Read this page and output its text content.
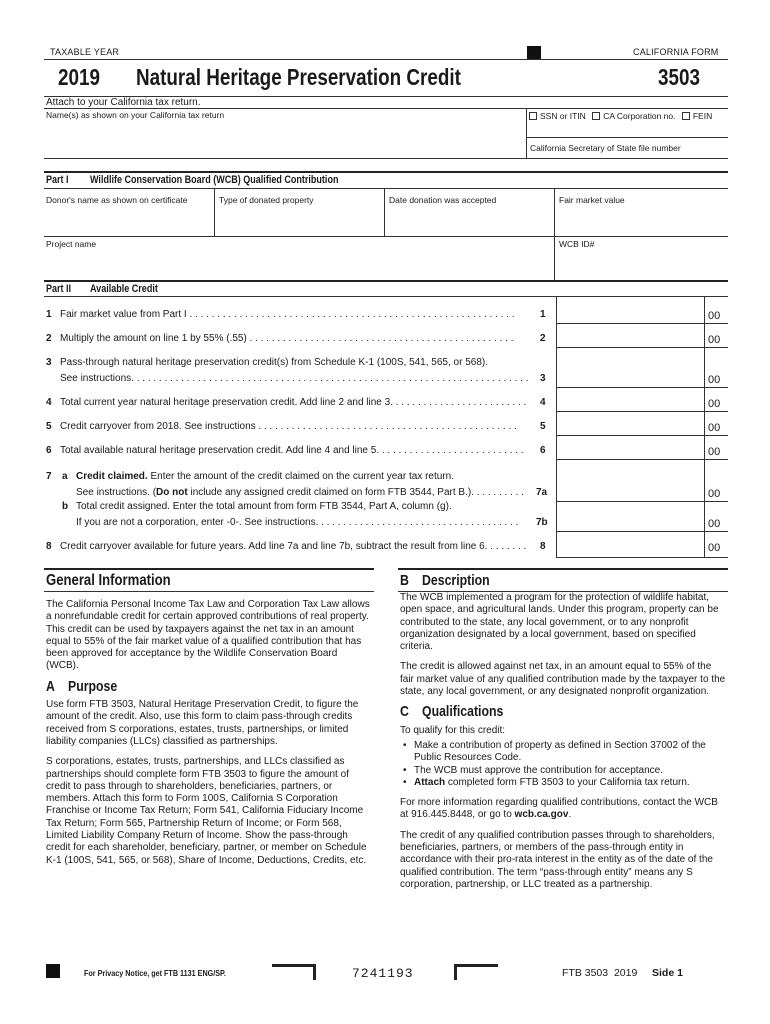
TAXABLE YEAR	CALIFORNIA FORM
2019 Natural Heritage Preservation Credit	3503
Attach to your California tax return.
Name(s) as shown on your California tax return	SSN or ITIN CA Corporation no. FEIN
California Secretary of State file number
Part I Wildlife Conservation Board (WCB) Qualified Contribution
Donor's name as shown on certificate	Type of donated property	Date donation was accepted	Fair market value
Project name	WCB ID#
Part II Available Credit
1 Fair market value from Part I . . . . . . . . . . . . . . . . . . . . . . . . . . . . . . . . . . . . . . . . . . . . . . . . . . . . . . . . . . .	1	00
2 Multiply the amount on line 1 by 55% (.55) . . . . . . . . . . . . . . . . . . . . . . . . . . . . . . . . . . . . . . . . . . . . . . . .	2	00
3 Pass-through natural heritage preservation credit(s) from Schedule K-1 (100S, 541, 565, or 568).
See instructions. . . . . . . . . . . . . . . . . . . . . . . . . . . . . . . . . . . . . . . . . . . . . . . . . . . . . . . . . . . . . . . . . . . . . . . . 3	00
4 Total current year natural heritage preservation credit. Add line 2 and line 3. . . . . . . . . . . . . . . . . . . . . . . . .	4	00
5 Credit carryover from 2018. See instructions . . . . . . . . . . . . . . . . . . . . . . . . . . . . . . . . . . . . . . . . . . . . . . .	5	00
6 Total available natural heritage preservation credit. Add line 4 and line 5. . . . . . . . . . . . . . . . . . . . . . . . . . .	6	00
7 a Credit claimed. Enter the amount of the credit claimed on the current year tax return.
See instructions. (Do not include any assigned credit claimed on form FTB 3544, Part B.). . . . . . . . . .	7a	00
b Total credit assigned. Enter the total amount from form FTB 3544, Part A, column (g).
If you are not a corporation, enter -0-. See instructions. . . . . . . . . . . . . . . . . . . . . . . . . . . . . . . . . . . . .	7b	00
8 Credit carryover available for future years. Add line 7a and line 7b, subtract the result from line 6. . . . . . . .	8	00
General Information

The California Personal Income Tax Law and Corporation Tax Law allows a nonrefundable credit for certain approved contributions of real property. This credit can be used by taxpayers against the net tax in an amount equal to 55% of the fair market value of a qualified contribution that has been approved for acceptance by the Wildlife Conservation Board (WCB).

A Purpose

Use form FTB 3503, Natural Heritage Preservation Credit, to figure the amount of the credit. Also, use this form to claim pass-through credits received from S corporations, estates, trusts, partnerships, or limited liability companies (LLCs) classified as partnerships.

S corporations, estates, trusts, partnerships, and LLCs classified as partnerships should complete form FTB 3503 to figure the amount of credit to pass through to shareholders, beneficiaries, partners, or members. Attach this form to Form 100S, California S Corporation Franchise or Income Tax Return; Form 541, California Fiduciary Income Tax Return; Form 565, Partnership Return of Income; or Form 568, Limited Liability Company Return of Income. Show the pass-through credit for each shareholder, beneficiary, partner, or member on Schedule K-1 (100S, 541, 565, or 568), Share of Income, Deductions, Credits, etc.

B Description

The WCB implemented a program for the protection of wildlife habitat, open space, and agricultural lands. Under this program, property can be contributed to the state, any local government, or to any nonprofit organization designated by a local government, based on specified criteria.

The credit is allowed against net tax, in an amount equal to 55% of the fair market value of any qualified contribution made by the taxpayer to the state, any local government, or any designated nonprofit organization.

C Qualifications
To qualify for this credit:
• Make a contribution of property as defined in Section 37002 of the Public Resources Code.
• The WCB must approve the contribution for acceptance.
• Attach completed form FTB 3503 to your California tax return.

For more information regarding qualified contributions, contact the WCB at 916.445.8448, or go to wcb.ca.gov.

The credit of any qualified contribution passes through to shareholders, beneficiaries, partners, or members of the pass-through entity in accordance with their pro-rata interest in the entity as of the date of the qualified contribution. The term “pass-through entity” means any S corporation, partnership, or LLC treated as a partnership.

For Privacy Notice, get FTB 1131 ENG/SP.	7241193	FTB 3503  2019 Side 1
